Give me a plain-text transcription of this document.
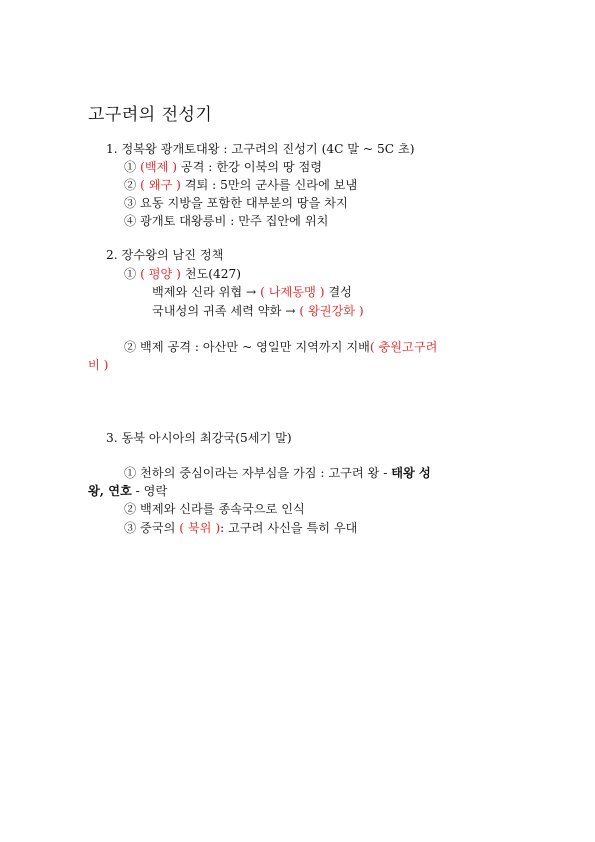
고구려의 전성기
1. 정복왕 광개토대왕 : 고구려의 진성기 (4C 말 ~ 5C 초)
① (백제 ) 공격 : 한강 이북의 땅 점령
② ( 왜구 ) 격퇴 : 5만의 군사를 신라에 보냄
③ 요동 지방을 포함한 대부분의 땅을 차지
④ 광개토 대왕릉비 : 만주 집안에 위치
2. 장수왕의 남진 정책
① ( 평양 ) 천도(427)
백제와 신라 위협 → ( 나제동맹 ) 결성
국내성의 귀족 세력 약화 → ( 왕권강화 )
② 백제 공격 : 아산만 ~ 영일만 지역까지 지배( 충원고구려
비 )
3. 동북 아시아의 최강국(5세기 말)
① 천하의 중심이라는 자부심을 가짐 : 고구려 왕 - 태왕 성
왕, 연호 - 영락
② 백제와 신라를 종속국으로 인식
③ 중국의 ( 북위 ): 고구려 사신을 특히 우대
